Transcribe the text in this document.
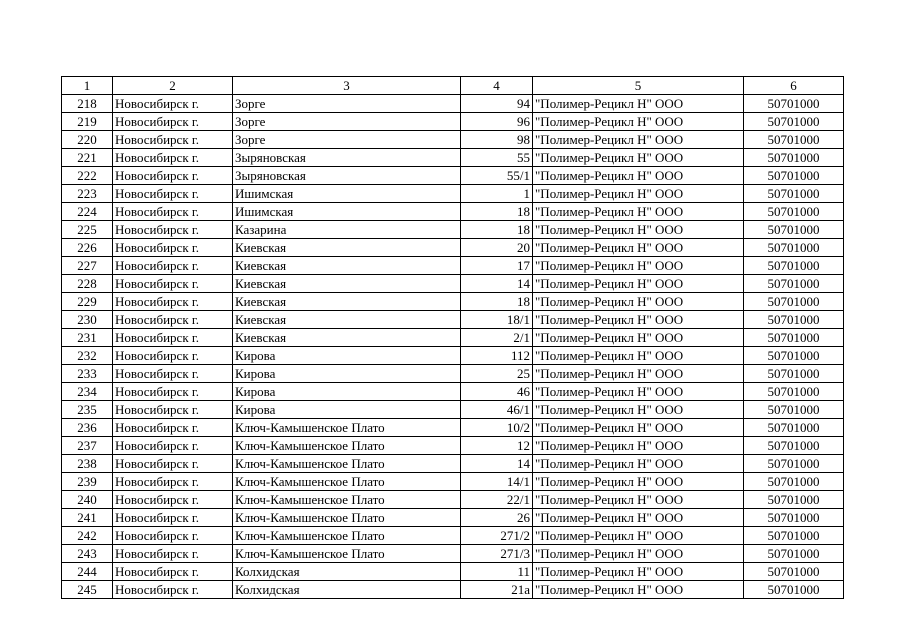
1	2	3	4	5	6
218	Новосибирск г.	Зорге	94	"Полимер-Рецикл Н" ООО	50701000
219	Новосибирск г.	Зорге	96	"Полимер-Рецикл Н" ООО	50701000
220	Новосибирск г.	Зорге	98	"Полимер-Рецикл Н" ООО	50701000
221	Новосибирск г.	Зыряновская	55	"Полимер-Рецикл Н" ООО	50701000
222	Новосибирск г.	Зыряновская	55/1	"Полимер-Рецикл Н" ООО	50701000
223	Новосибирск г.	Ишимская	1	"Полимер-Рецикл Н" ООО	50701000
224	Новосибирск г.	Ишимская	18	"Полимер-Рецикл Н" ООО	50701000
225	Новосибирск г.	Казарина	18	"Полимер-Рецикл Н" ООО	50701000
226	Новосибирск г.	Киевская	20	"Полимер-Рецикл Н" ООО	50701000
227	Новосибирск г.	Киевская	17	"Полимер-Рецикл Н" ООО	50701000
228	Новосибирск г.	Киевская	14	"Полимер-Рецикл Н" ООО	50701000
229	Новосибирск г.	Киевская	18	"Полимер-Рецикл Н" ООО	50701000
230	Новосибирск г.	Киевская	18/1	"Полимер-Рецикл Н" ООО	50701000
231	Новосибирск г.	Киевская	2/1	"Полимер-Рецикл Н" ООО	50701000
232	Новосибирск г.	Кирова	112	"Полимер-Рецикл Н" ООО	50701000
233	Новосибирск г.	Кирова	25	"Полимер-Рецикл Н" ООО	50701000
234	Новосибирск г.	Кирова	46	"Полимер-Рецикл Н" ООО	50701000
235	Новосибирск г.	Кирова	46/1	"Полимер-Рецикл Н" ООО	50701000
236	Новосибирск г.	Ключ-Камышенское Плато	10/2	"Полимер-Рецикл Н" ООО	50701000
237	Новосибирск г.	Ключ-Камышенское Плато	12	"Полимер-Рецикл Н" ООО	50701000
238	Новосибирск г.	Ключ-Камышенское Плато	14	"Полимер-Рецикл Н" ООО	50701000
239	Новосибирск г.	Ключ-Камышенское Плато	14/1	"Полимер-Рецикл Н" ООО	50701000
240	Новосибирск г.	Ключ-Камышенское Плато	22/1	"Полимер-Рецикл Н" ООО	50701000
241	Новосибирск г.	Ключ-Камышенское Плато	26	"Полимер-Рецикл Н" ООО	50701000
242	Новосибирск г.	Ключ-Камышенское Плато	271/2	"Полимер-Рецикл Н" ООО	50701000
243	Новосибирск г.	Ключ-Камышенское Плато	271/3	"Полимер-Рецикл Н" ООО	50701000
244	Новосибирск г.	Колхидская	11	"Полимер-Рецикл Н" ООО	50701000
245	Новосибирск г.	Колхидская	21а	"Полимер-Рецикл Н" ООО	50701000
